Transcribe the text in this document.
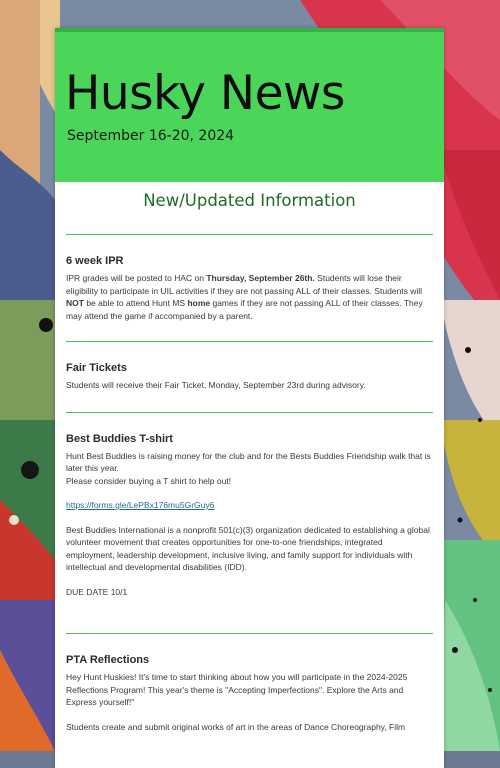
Husky News
September 16-20, 2024
New/Updated Information
6 week IPR

IPR grades will be posted to HAC on Thursday, September 26th. Students will lose their eligibility to participate in UIL activities if they are not passing ALL of their classes. Students will NOT be able to attend Hunt MS home games if they are not passing ALL of their classes. They may attend the game if accompanied by a parent.

Fair Tickets

Students will receive their Fair Ticket, Monday, September 23rd during advisory.

Best Buddies T-shirt

Hunt Best Buddies is raising money for the club and for the Bests Buddies Friendship walk that is later this year.

Please consider buying a T shirt to help out!

https://forms.gle/LePBx176mu5GrGuy6

Best Buddies International is a nonprofit 501(c)(3) organization dedicated to establishing a global volunteer movement that creates opportunities for one-to-one friendships, integrated employment, leadership development, inclusive living, and family support for individuals with intellectual and developmental disabilities (IDD).

DUE DATE 10/1

PTA Reflections

Hey Hunt Huskies! It's time to start thinking about how you will participate in the 2024-2025 Reflections Program! This year's theme is "Accepting Imperfections". Explore the Arts and Express yourself!"

Students create and submit original works of art in the areas of Dance Choreography, Film
